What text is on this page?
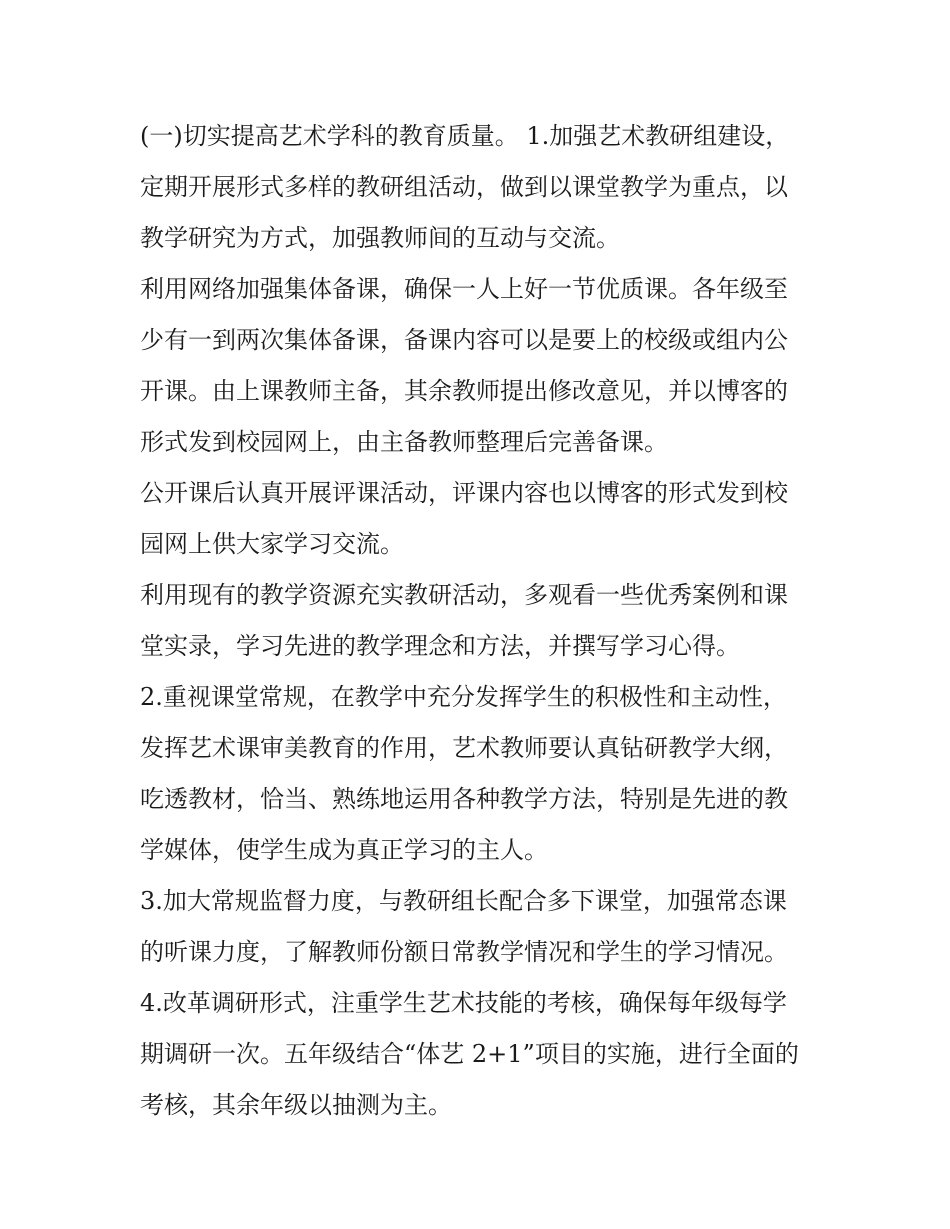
(一)切实提高艺术学科的教育质量。 1.加强艺术教研组建设，
定期开展形式多样的教研组活动，做到以课堂教学为重点，以
教学研究为方式，加强教师间的互动与交流。
利用网络加强集体备课，确保一人上好一节优质课。各年级至
少有一到两次集体备课，备课内容可以是要上的校级或组内公
开课。由上课教师主备，其余教师提出修改意见，并以博客的
形式发到校园网上，由主备教师整理后完善备课。
公开课后认真开展评课活动，评课内容也以博客的形式发到校
园网上供大家学习交流。
利用现有的教学资源充实教研活动，多观看一些优秀案例和课
堂实录，学习先进的教学理念和方法，并撰写学习心得。
2.重视课堂常规，在教学中充分发挥学生的积极性和主动性，
发挥艺术课审美教育的作用，艺术教师要认真钻研教学大纲，
吃透教材，恰当、熟练地运用各种教学方法，特别是先进的教
学媒体，使学生成为真正学习的主人。
3.加大常规监督力度，与教研组长配合多下课堂，加强常态课
的听课力度，了解教师份额日常教学情况和学生的学习情况。
4.改革调研形式，注重学生艺术技能的考核，确保每年级每学
期调研一次。五年级结合“体艺 2+1”项目的实施，进行全面的
考核，其余年级以抽测为主。
